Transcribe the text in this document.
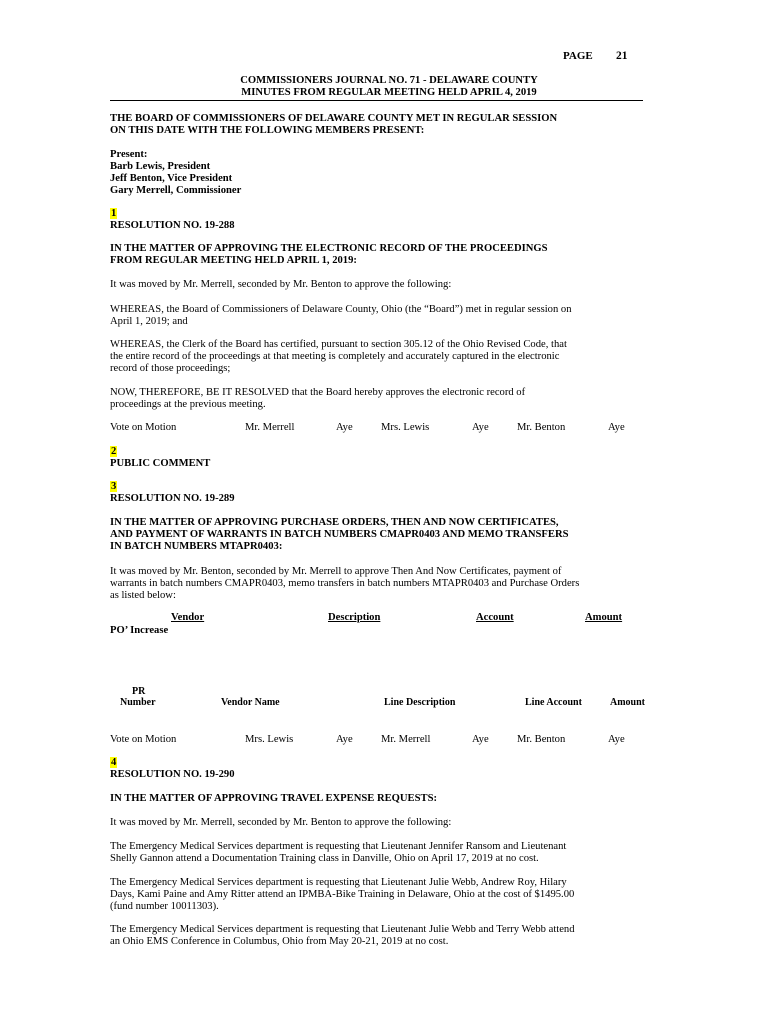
PAGE 21
COMMISSIONERS JOURNAL NO. 71 - DELAWARE COUNTY
MINUTES FROM REGULAR MEETING HELD APRIL 4, 2019
THE BOARD OF COMMISSIONERS OF DELAWARE COUNTY MET IN REGULAR SESSION
ON THIS DATE WITH THE FOLLOWING MEMBERS PRESENT:
Present:
Barb Lewis, President
Jeff Benton, Vice President
Gary Merrell, Commissioner
1
RESOLUTION NO. 19-288
IN THE MATTER OF APPROVING THE ELECTRONIC RECORD OF THE PROCEEDINGS
FROM REGULAR MEETING HELD APRIL 1, 2019:
It was moved by Mr. Merrell, seconded by Mr. Benton to approve the following:
WHEREAS, the Board of Commissioners of Delaware County, Ohio (the “Board”) met in regular session on
April 1, 2019; and
WHEREAS, the Clerk of the Board has certified, pursuant to section 305.12 of the Ohio Revised Code, that
the entire record of the proceedings at that meeting is completely and accurately captured in the electronic
record of those proceedings;
NOW, THEREFORE, BE IT RESOLVED that the Board hereby approves the electronic record of
proceedings at the previous meeting.
Vote on Motion	Mr. Merrell	Aye	Mrs. Lewis	Aye	Mr. Benton	Aye
2
PUBLIC COMMENT
3
RESOLUTION NO. 19-289
IN THE MATTER OF APPROVING PURCHASE ORDERS, THEN AND NOW CERTIFICATES,
AND PAYMENT OF WARRANTS IN BATCH NUMBERS CMAPR0403 AND MEMO TRANSFERS
IN BATCH NUMBERS MTAPR0403:
It was moved by Mr. Benton, seconded by Mr. Merrell to approve Then And Now Certificates, payment of
warrants in batch numbers CMAPR0403, memo transfers in batch numbers MTAPR0403 and Purchase Orders
as listed below:
Vendor	Description	Account	Amount
PO’ Increase
PR
Number	Vendor Name	Line Description	Line Account	Amount
Vote on Motion	Mrs. Lewis	Aye	Mr. Merrell	Aye	Mr. Benton	Aye
4
RESOLUTION NO. 19-290
IN THE MATTER OF APPROVING TRAVEL EXPENSE REQUESTS:
It was moved by Mr. Merrell, seconded by Mr. Benton to approve the following:
The Emergency Medical Services department is requesting that Lieutenant Jennifer Ransom and Lieutenant
Shelly Gannon attend a Documentation Training class in Danville, Ohio on April 17, 2019 at no cost.
The Emergency Medical Services department is requesting that Lieutenant Julie Webb, Andrew Roy, Hilary
Days, Kami Paine and Amy Ritter attend an IPMBA-Bike Training in Delaware, Ohio at the cost of $1495.00
(fund number 10011303).
The Emergency Medical Services department is requesting that Lieutenant Julie Webb and Terry Webb attend
an Ohio EMS Conference in Columbus, Ohio from May 20-21, 2019 at no cost.
